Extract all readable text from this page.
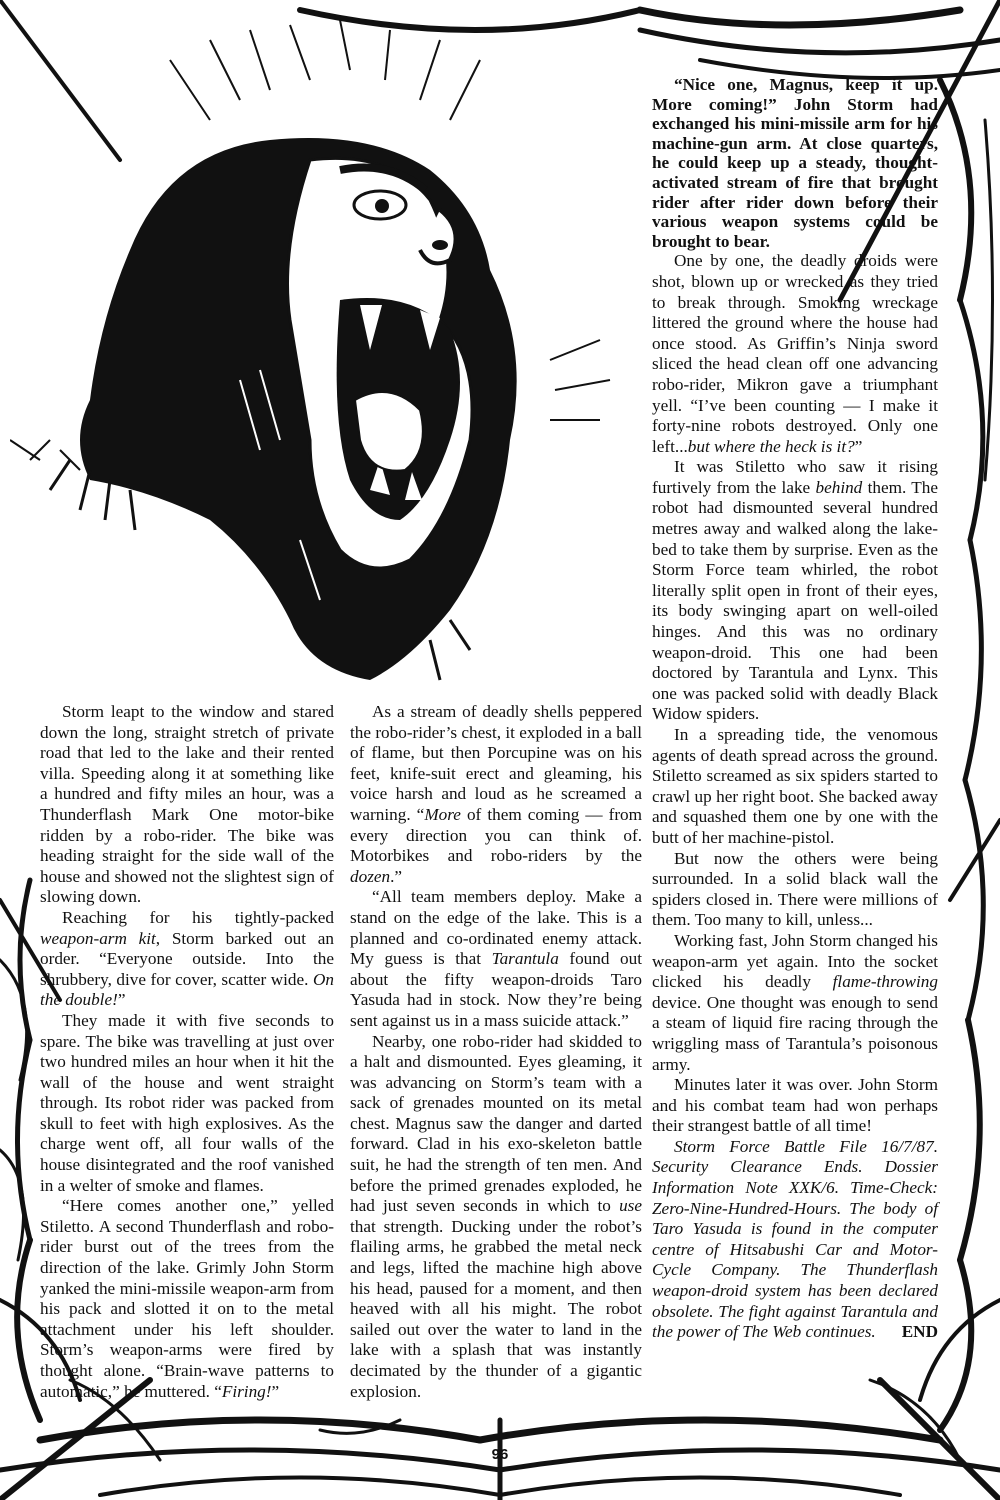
Storm leapt to the window and stared down the long, straight stretch of private road that led to the lake and their rented villa. Speeding along it at something like a hundred and fifty miles an hour, was a Thunderflash Mark One motor-bike ridden by a robo-rider. The bike was heading straight for the side wall of the house and showed not the slightest sign of slowing down.

Reaching for his tightly-packed weapon-arm kit, Storm barked out an order. “Everyone outside. Into the shrubbery, dive for cover, scatter wide. On the double!”

They made it with five seconds to spare. The bike was travelling at just over two hundred miles an hour when it hit the wall of the house and went straight through. Its robot rider was packed from skull to feet with high explosives. As the charge went off, all four walls of the house disintegrated and the roof vanished in a welter of smoke and flames.

“Here comes another one,” yelled Stiletto. A second Thunderflash and robo-rider burst out of the trees from the direction of the lake. Grimly John Storm yanked the mini-missile weapon-arm from his pack and slotted it on to the metal attachment under his left shoulder. Storm’s weapon-arms were fired by thought alone. “Brain-wave patterns to automatic,” he muttered. “Firing!”

As a stream of deadly shells peppered the robo-rider’s chest, it exploded in a ball of flame, but then Porcupine was on his feet, knife-suit erect and gleaming, his voice harsh and loud as he screamed a warning. “More of them coming — from every direction you can think of. Motorbikes and robo-riders by the dozen.”

“All team members deploy. Make a stand on the edge of the lake. This is a planned and co-ordinated enemy attack. My guess is that Tarantula found out about the fifty weapon-droids Taro Yasuda had in stock. Now they’re being sent against us in a mass suicide attack.”

Nearby, one robo-rider had skidded to a halt and dismounted. Eyes gleaming, it was advancing on Storm’s team with a sack of grenades mounted on its metal chest. Magnus saw the danger and darted forward. Clad in his exo-skeleton battle suit, he had the strength of ten men. And before the primed grenades exploded, he had just seven seconds in which to use that strength. Ducking under the robot’s flailing arms, he grabbed the metal neck and legs, lifted the machine high above his head, paused for a moment, and then heaved with all his might. The robot sailed out over the water to land in the lake with a splash that was instantly decimated by the thunder of a gigantic explosion.

“Nice one, Magnus, keep it up. More coming!” John Storm had exchanged his mini-missile arm for his machine-gun arm. At close quarters, he could keep up a steady, thought-activated stream of fire that brought rider after rider down before their various weapon systems could be brought to bear.

One by one, the deadly droids were shot, blown up or wrecked as they tried to break through. Smoking wreckage littered the ground where the house had once stood. As Griffin’s Ninja sword sliced the head clean off one advancing robo-rider, Mikron gave a triumphant yell. “I’ve been counting — I make it forty-nine robots destroyed. Only one left...but where the heck is it?”

It was Stiletto who saw it rising furtively from the lake behind them. The robot had dismounted several hundred metres away and walked along the lake-bed to take them by surprise. Even as the Storm Force team whirled, the robot literally split open in front of their eyes, its body swinging apart on well-oiled hinges. And this was no ordinary weapon-droid. This one had been doctored by Tarantula and Lynx. This one was packed solid with deadly Black Widow spiders.

In a spreading tide, the venomous agents of death spread across the ground. Stiletto screamed as six spiders started to crawl up her right boot. She backed away and squashed them one by one with the butt of her machine-pistol.

But now the others were being surrounded. In a solid black wall the spiders closed in. There were millions of them. Too many to kill, unless...

Working fast, John Storm changed his weapon-arm yet again. Into the socket clicked his deadly flame-throwing device. One thought was enough to send a steam of liquid fire racing through the wriggling mass of Tarantula’s poisonous army.

Minutes later it was over. John Storm and his combat team had won perhaps their strangest battle of all time!

Storm Force Battle File 16/7/87. Security Clearance Ends. Dossier Information Note XXK/6. Time-Check: Zero-Nine-Hundred-Hours. The body of Taro Yasuda is found in the computer centre of Hitsabushi Car and Motor-Cycle Company. The Thunderflash weapon-droid system has been declared obsolete. The fight against Tarantula and the power of The Web continues.	END

96
